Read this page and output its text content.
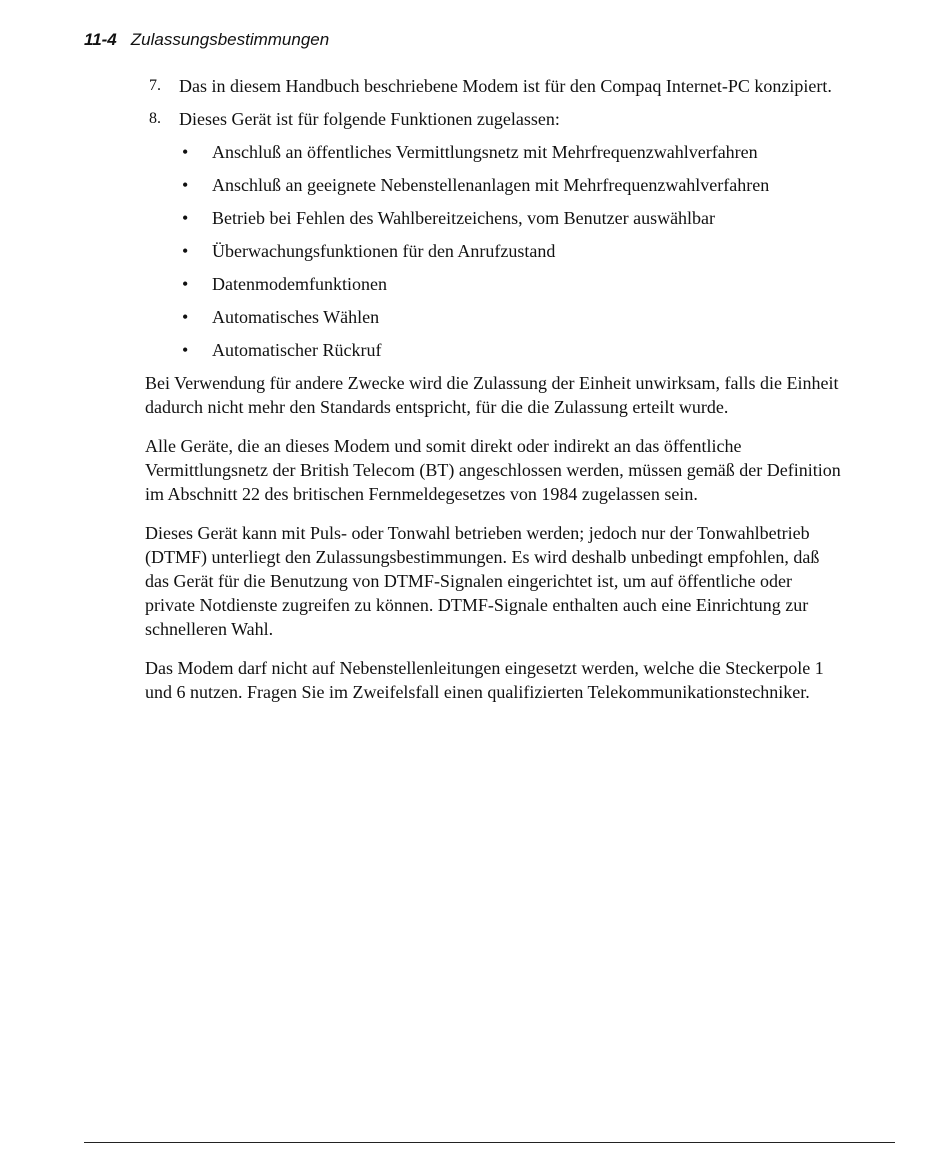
11-4 Zulassungsbestimmungen
7. Das in diesem Handbuch beschriebene Modem ist für den Compaq Internet-PC konzipiert.
8. Dieses Gerät ist für folgende Funktionen zugelassen:
• Anschluß an öffentliches Vermittlungsnetz mit Mehrfrequenzwahlverfahren
• Anschluß an geeignete Nebenstellenanlagen mit Mehrfrequenzwahlverfahren
• Betrieb bei Fehlen des Wahlbereitzeichens, vom Benutzer auswählbar
• Überwachungsfunktionen für den Anrufzustand
• Datenmodemfunktionen
• Automatisches Wählen
• Automatischer Rückruf

Bei Verwendung für andere Zwecke wird die Zulassung der Einheit unwirksam, falls die Einheit dadurch nicht mehr den Standards entspricht, für die die Zulassung erteilt wurde.

Alle Geräte, die an dieses Modem und somit direkt oder indirekt an das öffentliche Vermittlungsnetz der British Telecom (BT) angeschlossen werden, müssen gemäß der Definition im Abschnitt 22 des britischen Fernmeldegesetzes von 1984 zugelassen sein.

Dieses Gerät kann mit Puls- oder Tonwahl betrieben werden; jedoch nur der Tonwahlbetrieb (DTMF) unterliegt den Zulassungsbestimmungen. Es wird deshalb unbedingt empfohlen, daß das Gerät für die Benutzung von DTMF-Signalen eingerichtet ist, um auf öffentliche oder private Notdienste zugreifen zu können. DTMF-Signale enthalten auch eine Einrichtung zur schnelleren Wahl.

Das Modem darf nicht auf Nebenstellenleitungen eingesetzt werden, welche die Steckerpole 1 und 6 nutzen. Fragen Sie im Zweifelsfall einen qualifizierten Telekommunikationstechniker.
